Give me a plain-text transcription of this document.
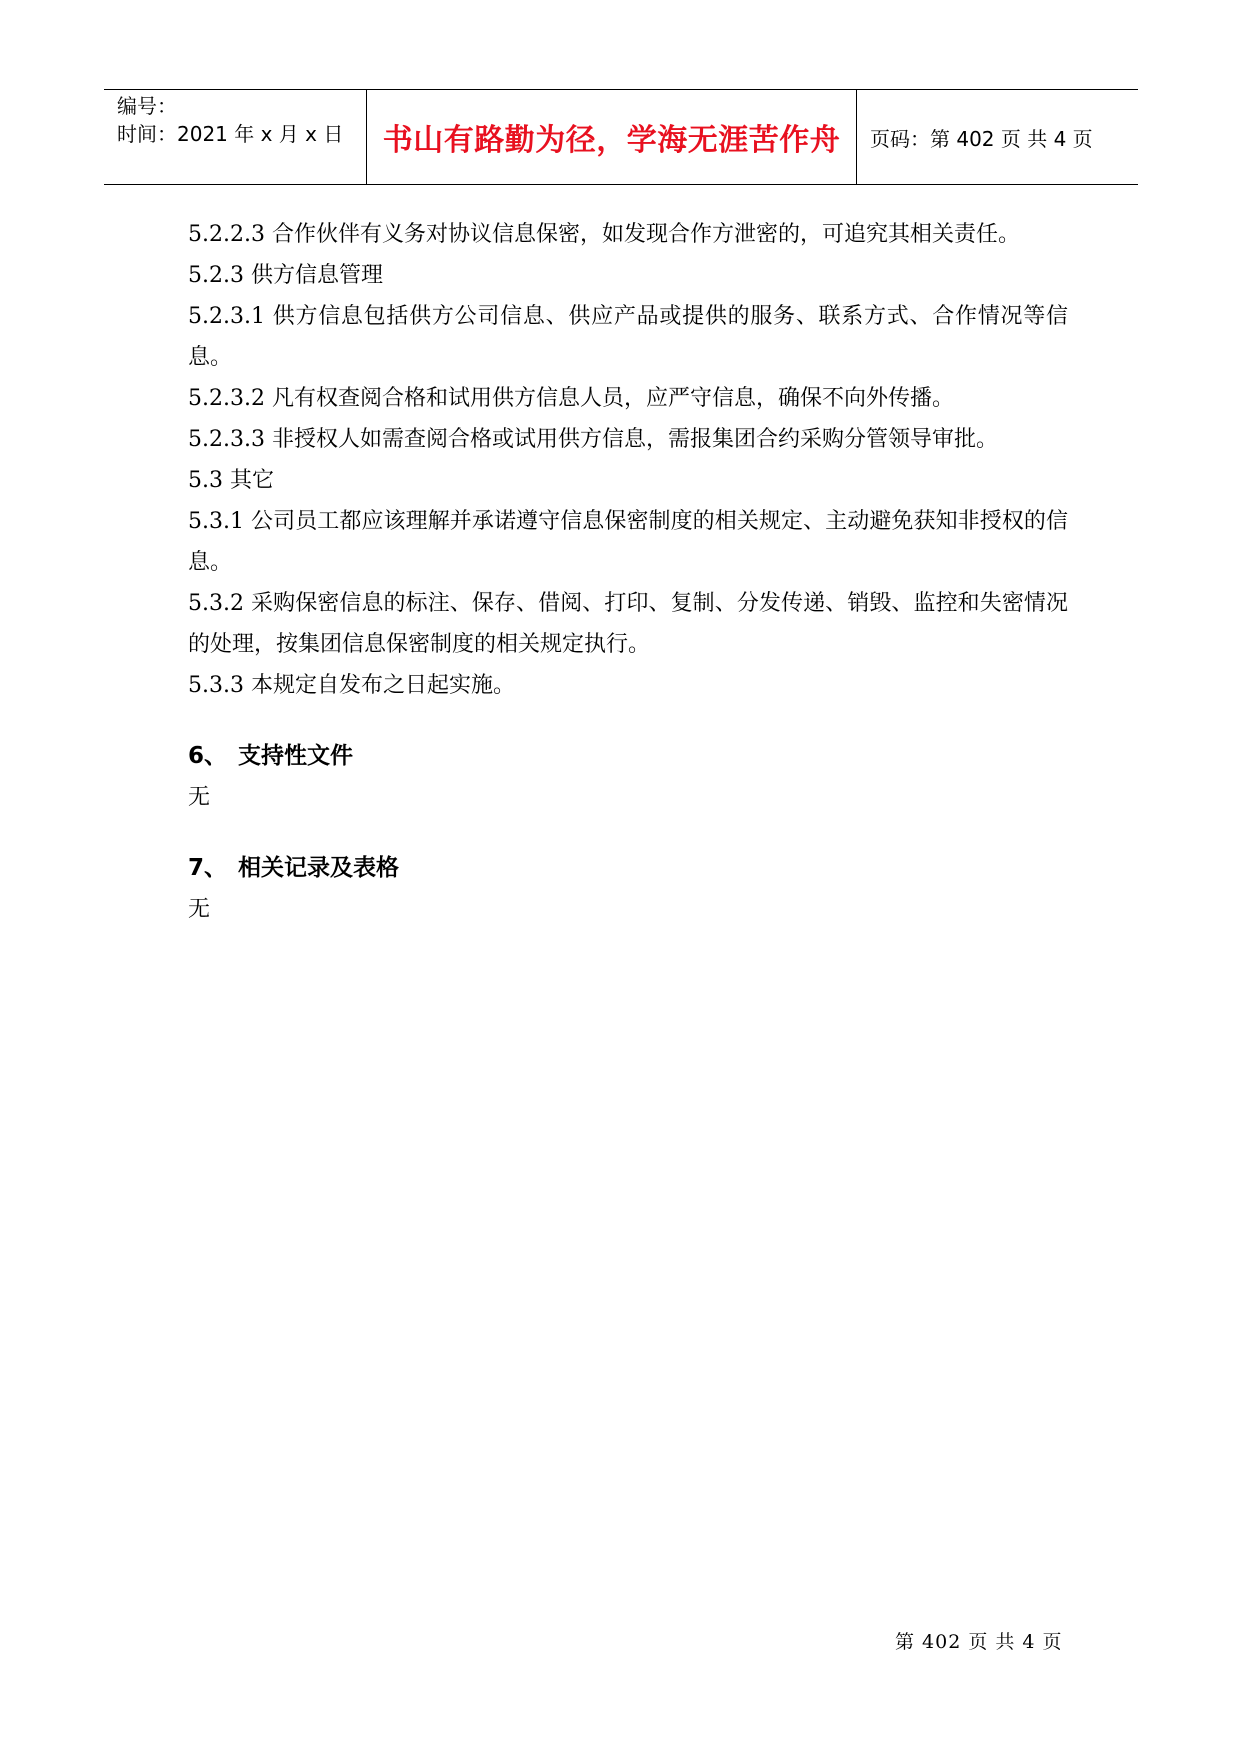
编号：
时间：2021 年 x 月 x 日	书山有路勤为径，学海无涯苦作舟	页码：第 402 页 共 4 页

5.2.2.3 合作伙伴有义务对协议信息保密，如发现合作方泄密的，可追究其相关责任。

5.2.3 供方信息管理

5.2.3.1 供方信息包括供方公司信息、供应产品或提供的服务、联系方式、合作情况等信息。

5.2.3.2 凡有权查阅合格和试用供方信息人员，应严守信息，确保不向外传播。

5.2.3.3 非授权人如需查阅合格或试用供方信息，需报集团合约采购分管领导审批。

5.3 其它

5.3.1 公司员工都应该理解并承诺遵守信息保密制度的相关规定、主动避免获知非授权的信息。

5.3.2 采购保密信息的标注、保存、借阅、打印、复制、分发传递、销毁、监控和失密情况的处理，按集团信息保密制度的相关规定执行。

5.3.3 本规定自发布之日起实施。

6、 支持性文件

无

7、 相关记录及表格

无

第 402 页 共 4 页
